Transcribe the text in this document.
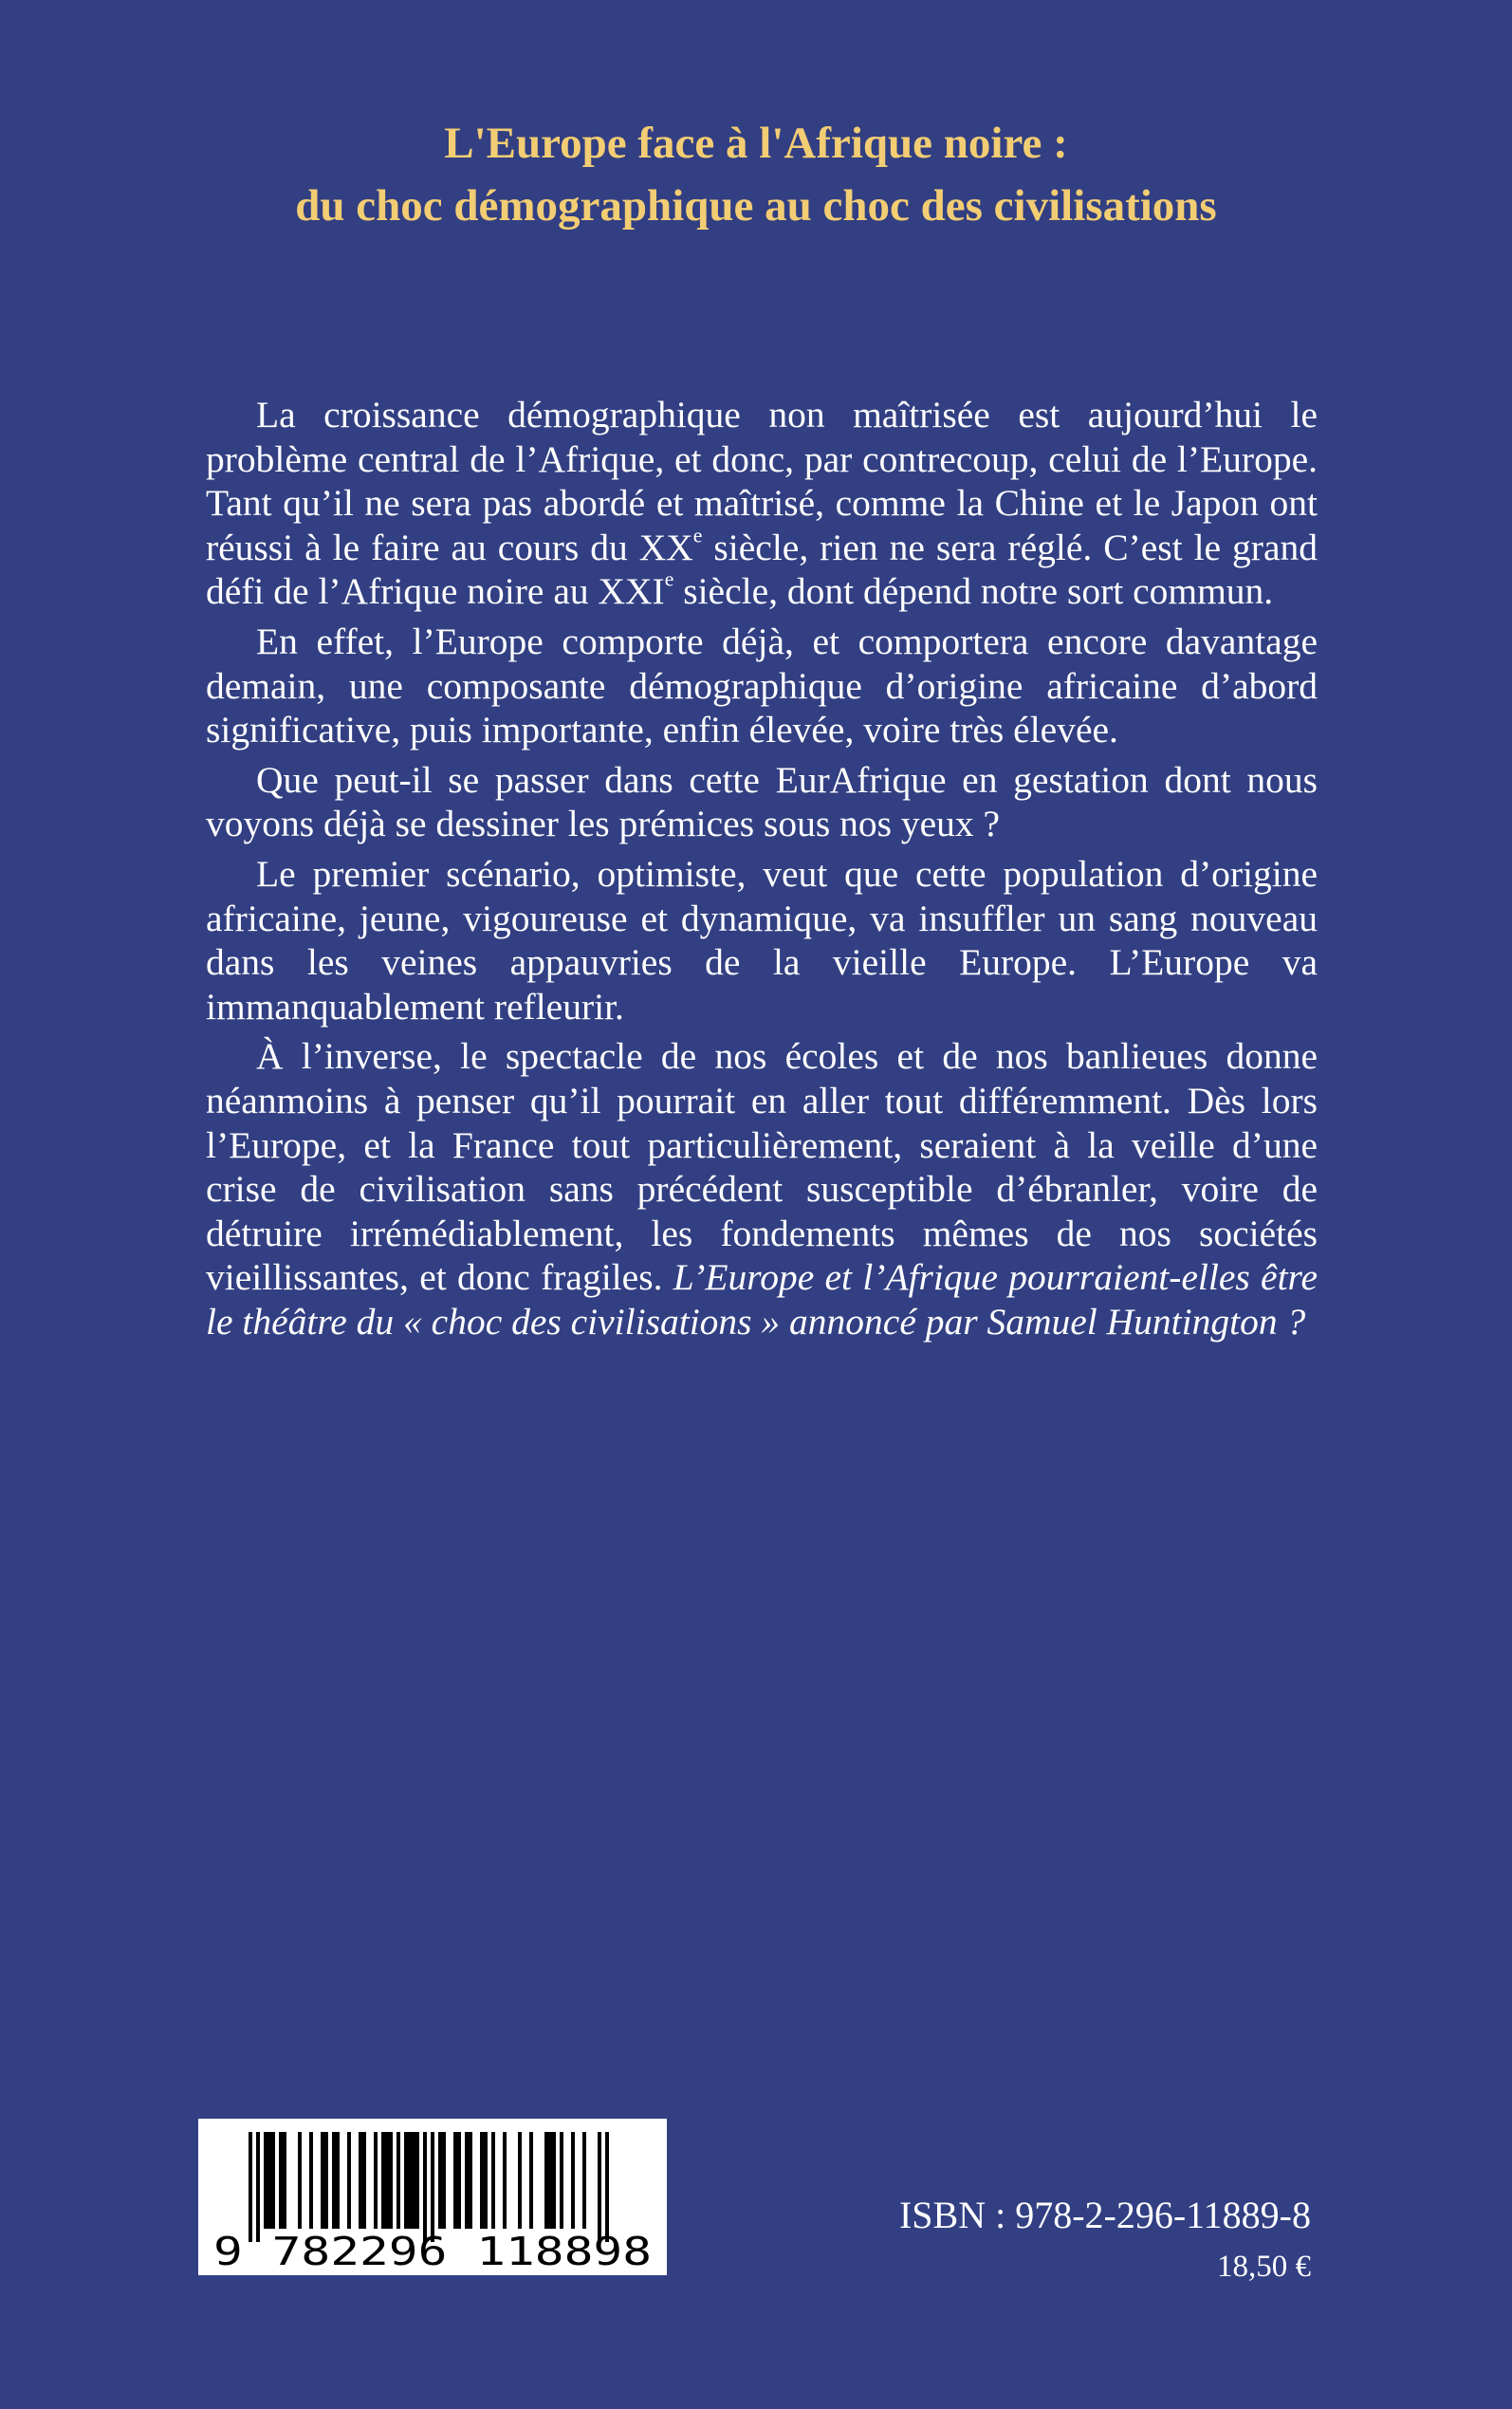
L'Europe face à l'Afrique noire :
du choc démographique au choc des civilisations

La croissance démographique non maîtrisée est aujourd’hui le problème central de l’Afrique, et donc, par contrecoup, celui de l’Europe. Tant qu’il ne sera pas abordé et maîtrisé, comme la Chine et le Japon ont réussi à le faire au cours du XXe siècle, rien ne sera réglé. C’est le grand défi de l’Afrique noire au XXIe siècle, dont dépend notre sort commun.

En effet, l’Europe comporte déjà, et comportera encore davantage demain, une composante démographique d’origine africaine d’abord significative, puis importante, enfin élevée, voire très élevée.

Que peut-il se passer dans cette EurAfrique en gestation dont nous voyons déjà se dessiner les prémices sous nos yeux ?

Le premier scénario, optimiste, veut que cette population d’origine africaine, jeune, vigoureuse et dynamique, va insuffler un sang nouveau dans les veines appauvries de la vieille Europe. L’Europe va immanquablement refleurir.

À l’inverse, le spectacle de nos écoles et de nos banlieues donne néanmoins à penser qu’il pourrait en aller tout différemment. Dès lors l’Europe, et la France tout particulièrement, seraient à la veille d’une crise de civilisation sans précédent susceptible d’ébranler, voire de détruire irrémédiablement, les fondements mêmes de nos sociétés vieillissantes, et donc fragiles. L’Europe et l’Afrique pourraient-elles être le théâtre du « choc des civilisations » annoncé par Samuel Huntington ?

9 782296 118898
ISBN : 978-2-296-11889-8
18,50 €
